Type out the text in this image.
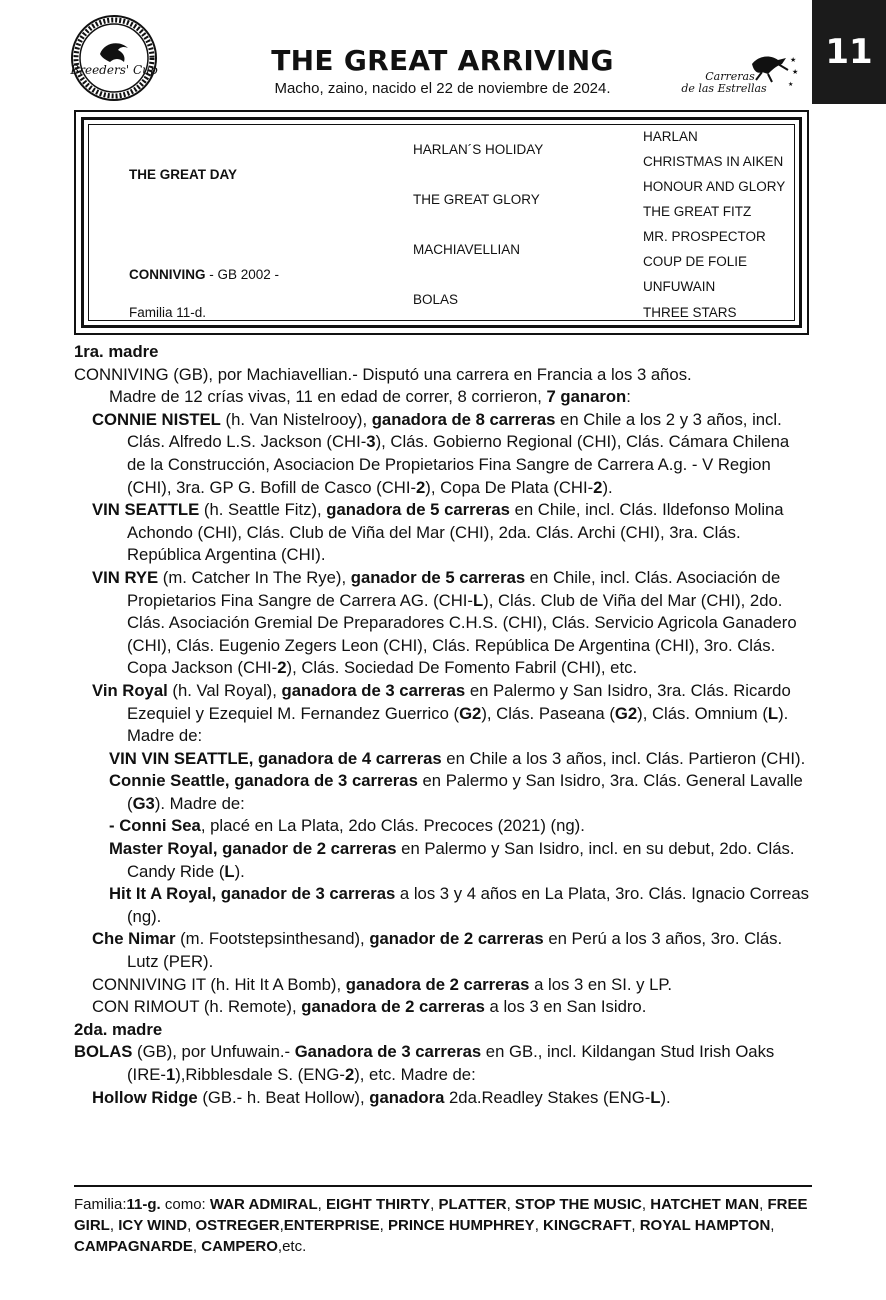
Breeders' Cup	THE GREAT ARRIVING
Macho, zaino, nacido el 22 de noviembre de 2024.
★
★
★
Carreras
de las Estrellas
11
THE GREAT DAY
CONNIVING - GB 2002 -
Familia 11-d.
HARLAN´S HOLIDAY
THE GREAT GLORY
MACHIAVELLIAN
BOLAS
HARLAN
CHRISTMAS IN AIKEN
HONOUR AND GLORY
THE GREAT FITZ
MR. PROSPECTOR
COUP DE FOLIE
UNFUWAIN
THREE STARS
1ra. madre
CONNIVING (GB), por Machiavellian.- Disputó una carrera en Francia a los 3 años.
Madre de 12 crías vivas, 11 en edad de correr, 8 corrieron, 7 ganaron:
CONNIE NISTEL (h. Van Nistelrooy), ganadora de 8 carreras en Chile a los 2 y 3 años, incl. Clás. Alfredo L.S. Jackson (CHI-3), Clás. Gobierno Regional (CHI), Clás. Cámara Chilena de la Construcción, Asociacion De Propietarios Fina Sangre de Carrera A.g. - V Region (CHI), 3ra. GP G. Bofill de Casco (CHI-2), Copa De Plata (CHI-2).
VIN SEATTLE (h. Seattle Fitz), ganadora de 5 carreras en Chile, incl. Clás. Ildefonso Molina Achondo (CHI), Clás. Club de Viña del Mar (CHI), 2da. Clás. Archi (CHI), 3ra. Clás. República Argentina (CHI).
VIN RYE (m. Catcher In The Rye), ganador de 5 carreras en Chile, incl. Clás. Asociación de Propietarios Fina Sangre de Carrera AG. (CHI-L), Clás. Club de Viña del Mar (CHI), 2do. Clás. Asociación Gremial De Preparadores C.H.S. (CHI), Clás. Servicio Agricola Ganadero (CHI), Clás. Eugenio Zegers Leon (CHI), Clás. República De Argentina (CHI), 3ro. Clás. Copa Jackson (CHI-2), Clás. Sociedad De Fomento Fabril (CHI), etc.
Vin Royal (h. Val Royal), ganadora de 3 carreras en Palermo y San Isidro, 3ra. Clás. Ricardo Ezequiel y Ezequiel M. Fernandez Guerrico (G2), Clás. Paseana (G2), Clás. Omnium (L). Madre de:
VIN VIN SEATTLE, ganadora de 4 carreras en Chile a los 3 años, incl. Clás. Partieron (CHI).
Connie Seattle, ganadora de 3 carreras en Palermo y San Isidro, 3ra. Clás. General Lavalle (G3). Madre de:
- Conni Sea, placé en La Plata, 2do Clás. Precoces (2021) (ng).
Master Royal, ganador de 2 carreras en Palermo y San Isidro, incl. en su debut, 2do. Clás. Candy Ride (L).
Hit It A Royal, ganador de 3 carreras a los 3 y 4 años en La Plata, 3ro. Clás. Ignacio Correas (ng).
Che Nimar (m. Footstepsinthesand), ganador de 2 carreras en Perú a los 3 años, 3ro. Clás. Lutz (PER).
CONNIVING IT (h. Hit It A Bomb), ganadora de 2 carreras a los 3 en SI. y LP.
CON RIMOUT (h. Remote), ganadora de 2 carreras a los 3 en San Isidro.
2da. madre
BOLAS (GB), por Unfuwain.- Ganadora de 3 carreras en GB., incl. Kildangan Stud Irish Oaks (IRE-1),Ribblesdale S. (ENG-2), etc. Madre de:
Hollow Ridge (GB.- h. Beat Hollow), ganadora 2da.Readley Stakes (ENG-L).
Familia:11-g. como: WAR ADMIRAL, EIGHT THIRTY, PLATTER, STOP THE MUSIC, HATCHET MAN, FREE GIRL, ICY WIND, OSTREGER,ENTERPRISE, PRINCE HUMPHREY, KINGCRAFT, ROYAL HAMPTON, CAMPAGNARDE, CAMPERO,etc.
